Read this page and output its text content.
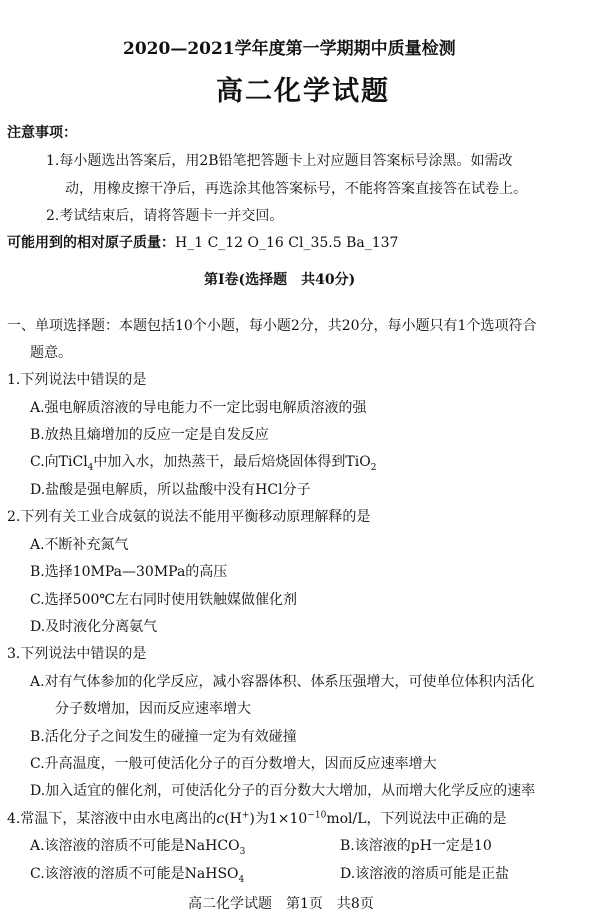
2020—2021学年度第一学期期中质量检测
高二化学试题
注意事项：
1.每小题选出答案后，用2B铅笔把答题卡上对应题目答案标号涂黑。如需改
动，用橡皮擦干净后，再选涂其他答案标号，不能将答案直接答在试卷上。
2.考试结束后，请将答题卡一并交回。
可能用到的相对原子质量：H_1 C_12 O_16 Cl_35.5 Ba_137
第Ⅰ卷(选择题　共40分)
一、单项选择题：本题包括10个小题，每小题2分，共20分，每小题只有1个选项符合
题意。
1.下列说法中错误的是
A.强电解质溶液的导电能力不一定比弱电解质溶液的强
B.放热且熵增加的反应一定是自发反应
C.向TiCl$_4$中加入水，加热蒸干，最后焙烧固体得到TiO$_2$
D.盐酸是强电解质，所以盐酸中没有HCl分子
2.下列有关工业合成氨的说法不能用平衡移动原理解释的是
A.不断补充氮气
B.选择10MPa—30MPa的高压
C.选择500℃左右同时使用铁触媒做催化剂
D.及时液化分离氨气
3.下列说法中错误的是
A.对有气体参加的化学反应，减小容器体积、体系压强增大，可使单位体积内活化
分子数增加，因而反应速率增大
B.活化分子之间发生的碰撞一定为有效碰撞
C.升高温度，一般可使活化分子的百分数增大，因而反应速率增大
D.加入适宜的催化剂，可使活化分子的百分数大大增加，从而增大化学反应的速率
4.常温下，某溶液中由水电离出的c(H+)为$1\times 10^{-10}mol/L$，下列说法中正确的是
A.该溶液的溶质不可能是NaHCO$_3$	B.该溶液的pH一定是10
C.该溶液的溶质不可能是NaHSO$_4$	D.该溶液的溶质可能是正盐
高二化学试题　第1页　共8页
